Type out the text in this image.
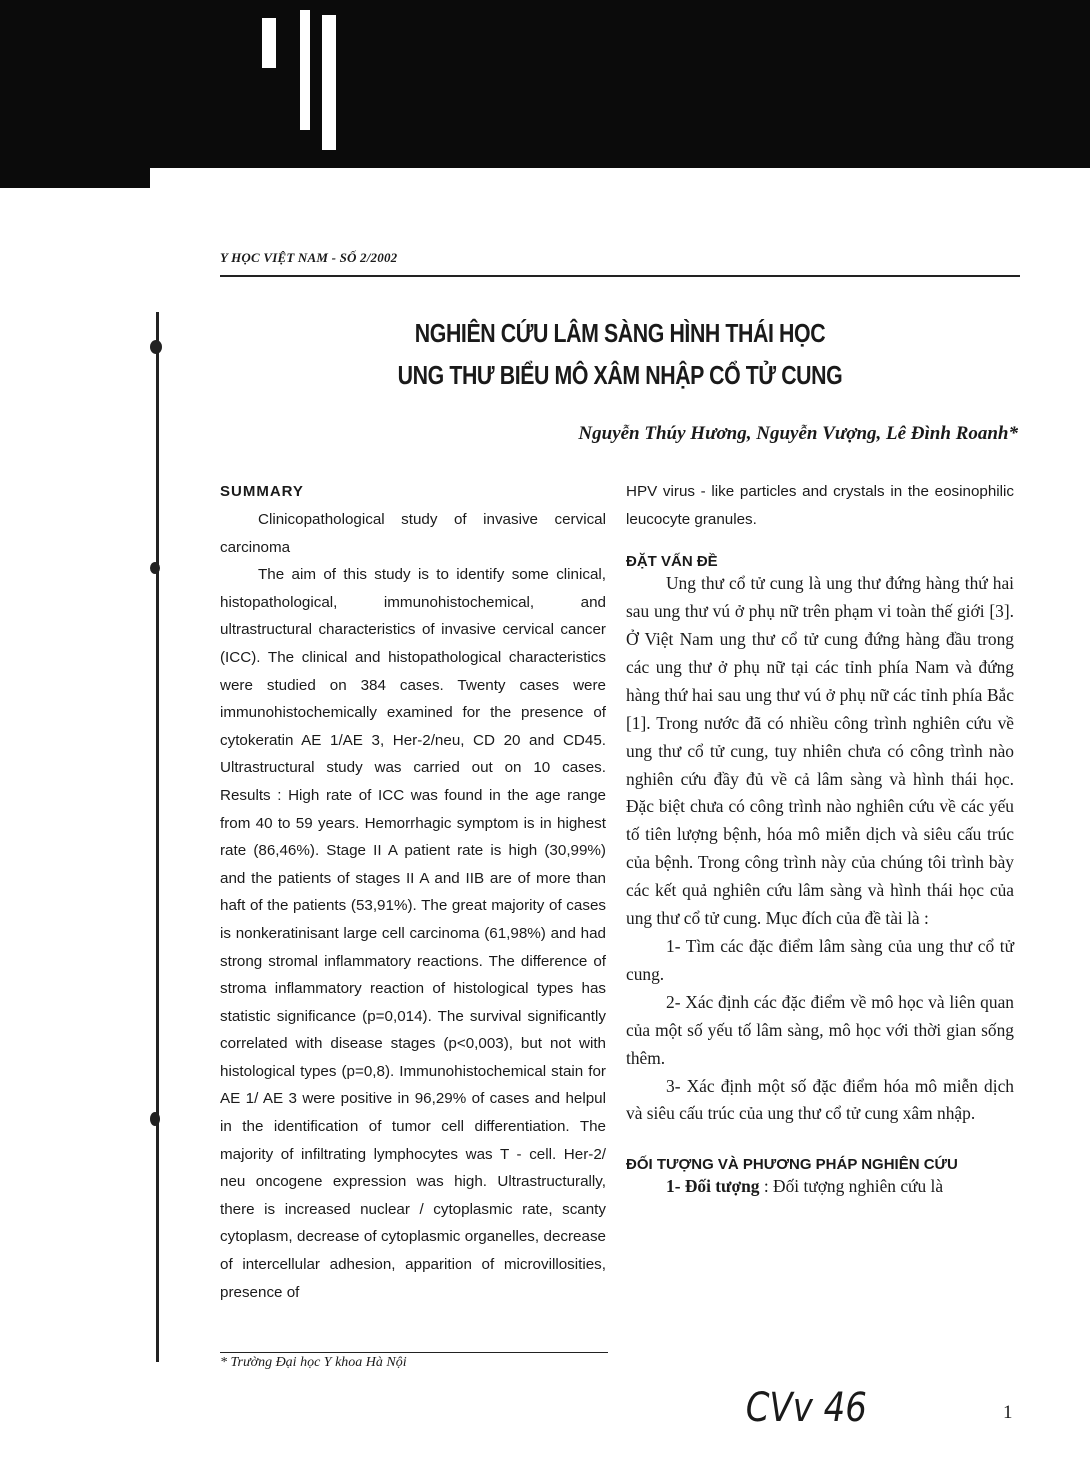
Y HỌC VIỆT NAM - SỐ 2/2002
NGHIÊN CỨU LÂM SÀNG HÌNH THÁI HỌC
UNG THƯ BIỂU MÔ XÂM NHẬP CỔ TỬ CUNG
Nguyễn Thúy Hương, Nguyễn Vượng, Lê Đình Roanh*

SUMMARY

Clinicopathological study of invasive cervical carcinoma

The aim of this study is to identify some clinical, histopathological, immunohistochemical, and ultrastructural characteristics of invasive cervical cancer (ICC). The clinical and histopathological characteristics were studied on 384 cases. Twenty cases were immunohistochemically examined for the presence of cytokeratin AE 1/AE 3, Her-2/neu, CD 20 and CD45. Ultrastructural study was carried out on 10 cases. Results : High rate of ICC was found in the age range from 40 to 59 years. Hemorrhagic symptom is in highest rate (86,46%). Stage II A patient rate is high (30,99%) and the patients of stages II A and IIB are of more than haft of the patients (53,91%). The great majority of cases is nonkeratinisant large cell carcinoma (61,98%) and had strong stromal inflammatory reactions. The difference of stroma inflammatory reaction of histological types has statistic significance (p=0,014). The survival significantly correlated with disease stages (p<0,003), but not with histological types (p=0,8). Immunohistochemical stain for AE 1/ AE 3 were positive in 96,29% of cases and helpul in the identification of tumor cell differentiation. The majority of infiltrating lymphocytes was T - cell. Her-2/ neu oncogene expression was high. Ultrastructurally, there is increased nuclear / cytoplasmic rate, scanty cytoplasm, decrease of cytoplasmic organelles, decrease of intercellular adhesion, apparition of microvillosities, presence of

HPV virus - like particles and crystals in the eosinophilic leucocyte granules.

ĐẶT VẤN ĐỀ

Ung thư cổ tử cung là ung thư đứng hàng thứ hai sau ung thư vú ở phụ nữ trên phạm vi toàn thế giới [3]. Ở Việt Nam ung thư cổ tử cung đứng hàng đầu trong các ung thư ở phụ nữ tại các tỉnh phía Nam và đứng hàng thứ hai sau ung thư vú ở phụ nữ các tỉnh phía Bắc [1]. Trong nước đã có nhiều công trình nghiên cứu về ung thư cổ tử cung, tuy nhiên chưa có công trình nào nghiên cứu đầy đủ về cả lâm sàng và hình thái học. Đặc biệt chưa có công trình nào nghiên cứu về các yếu tố tiên lượng bệnh, hóa mô miễn dịch và siêu cấu trúc của bệnh. Trong công trình này của chúng tôi trình bày các kết quả nghiên cứu lâm sàng và hình thái học của ung thư cổ tử cung. Mục đích của đề tài là :

1- Tìm các đặc điểm lâm sàng của ung thư cổ tử cung.

2- Xác định các đặc điểm về mô học và liên quan của một số yếu tố lâm sàng, mô học với thời gian sống thêm.

3- Xác định một số đặc điểm hóa mô miễn dịch và siêu cấu trúc của ung thư cổ tử cung xâm nhập.

ĐỐI TƯỢNG VÀ PHƯƠNG PHÁP NGHIÊN CỨU

1- Đối tượng : Đối tượng nghiên cứu là

* Trường Đại học Y khoa Hà Nội
CVv 46	1
